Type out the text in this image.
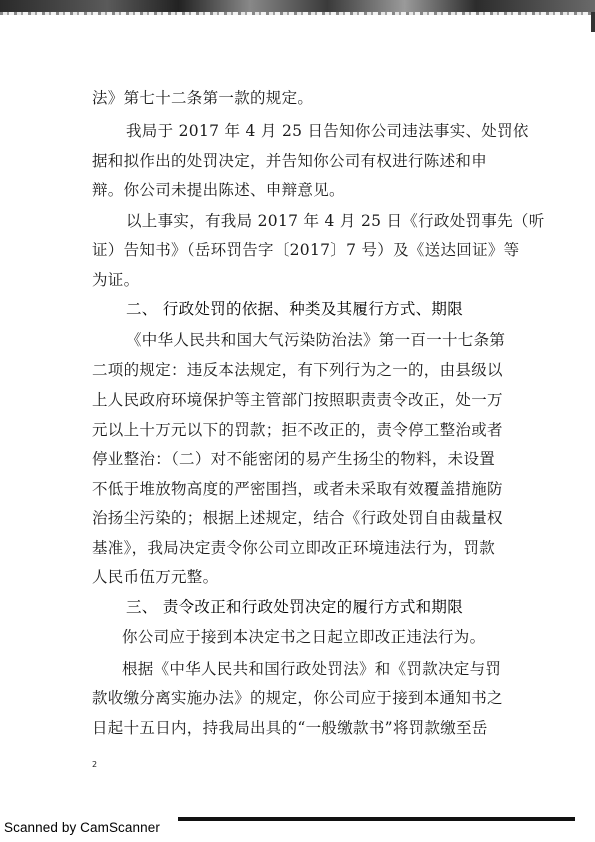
法》第七十二条第一款的规定。
我局于 2017 年 4 月 25 日告知你公司违法事实、处罚依
据和拟作出的处罚决定，并告知你公司有权进行陈述和申
辩。你公司未提出陈述、申辩意见。
以上事实，有我局 2017 年 4 月 25 日《行政处罚事先（听
证）告知书》（岳环罚告字〔2017〕7 号）及《送达回证》等
为证。
二、 行政处罚的依据、种类及其履行方式、期限
《中华人民共和国大气污染防治法》第一百一十七条第
二项的规定：违反本法规定，有下列行为之一的，由县级以
上人民政府环境保护等主管部门按照职责责令改正，处一万
元以上十万元以下的罚款；拒不改正的，责令停工整治或者
停业整治：（二）对不能密闭的易产生扬尘的物料，未设置
不低于堆放物高度的严密围挡，或者未采取有效覆盖措施防
治扬尘污染的；根据上述规定，结合《行政处罚自由裁量权
基准》，我局决定责令你公司立即改正环境违法行为，罚款
人民币伍万元整。
三、 责令改正和行政处罚决定的履行方式和期限
你公司应于接到本决定书之日起立即改正违法行为。
根据《中华人民共和国行政处罚法》和《罚款决定与罚
款收缴分离实施办法》的规定，你公司应于接到本通知书之
日起十五日内，持我局出具的“一般缴款书”将罚款缴至岳
2
Scanned by CamScanner
